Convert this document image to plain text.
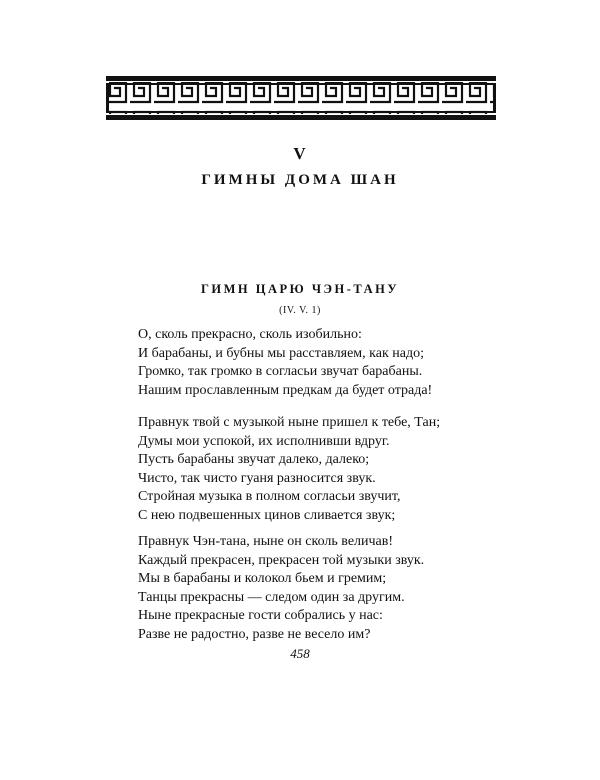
V
ГИМНЫ ДОМА ШАН
ГИМН ЦАРЮ ЧЭН-ТАНУ
(IV. V. 1)
О, сколь прекрасно, сколь изобильно:
И барабаны, и бубны мы расставляем, как надо;
Громко, так громко в согласьи звучат барабаны.
Нашим прославленным предкам да будет отрада!
Правнук твой с музыкой ныне пришел к тебе, Тан;
Думы мои успокой, их исполнивши вдруг.
Пусть барабаны звучат далеко, далеко;
Чисто, так чисто гуаня разносится звук.
Стройная музыка в полном согласьи звучит,
С нею подвешенных цинов сливается звук;
Правнук Чэн-тана, ныне он сколь величав!
Каждый прекрасен, прекрасен той музыки звук.
Мы в барабаны и колокол бьем и гремим;
Танцы прекрасны — следом один за другим.
Ныне прекрасные гости собрались у нас:
Разве не радостно, разве не весело им?
458
